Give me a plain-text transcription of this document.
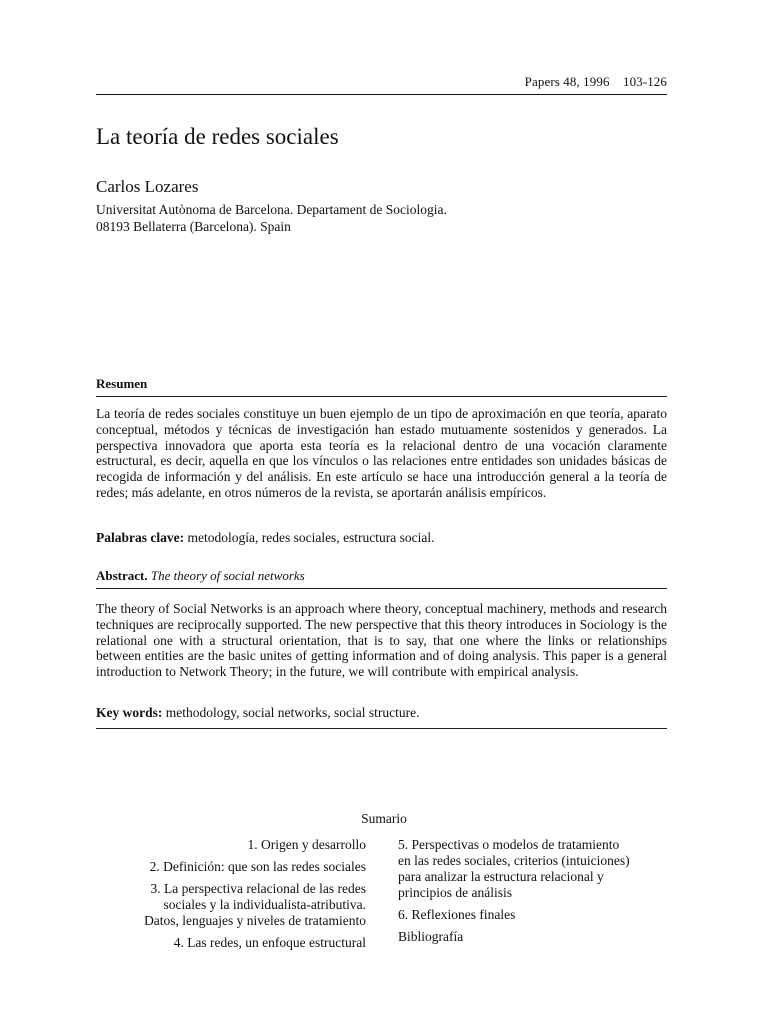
Papers 48, 1996    103-126
La teoría de redes sociales
Carlos Lozares
Universitat Autònoma de Barcelona. Departament de Sociologia.
08193 Bellaterra (Barcelona). Spain
Resumen

La teoría de redes sociales constituye un buen ejemplo de un tipo de aproximación en que teoría, aparato conceptual, métodos y técnicas de investigación han estado mutuamente sostenidos y generados. La perspectiva innovadora que aporta esta teoría es la relacional dentro de una vocación claramente estructural, es decir, aquella en que los vínculos o las relaciones entre entidades son unidades básicas de recogida de información y del análisis. En este artículo se hace una introducción general a la teoría de redes; más adelante, en otros números de la revista, se aportarán análisis empíricos.

Palabras clave: metodología, redes sociales, estructura social.
Abstract. The theory of social networks

The theory of Social Networks is an approach where theory, conceptual machinery, methods and research techniques are reciprocally supported. The new perspective that this theory introduces in Sociology is the relational one with a structural orientation, that is to say, that one where the links or relationships between entities are the basic unites of getting information and of doing analysis. This paper is a general introduction to Network Theory; in the future, we will contribute with empirical analysis.

Key words: methodology, social networks, social structure.
Sumario
1. Origen y desarrollo
2. Definición: que son las redes sociales
3. La perspectiva relacional de las redes
sociales y la individualista-atributiva.
Datos, lenguajes y niveles de tratamiento
4. Las redes, un enfoque estructural
5. Perspectivas o modelos de tratamiento
en las redes sociales, criterios (intuiciones)
para analizar la estructura relacional y
principios de análisis
6. Reflexiones finales
Bibliografía
